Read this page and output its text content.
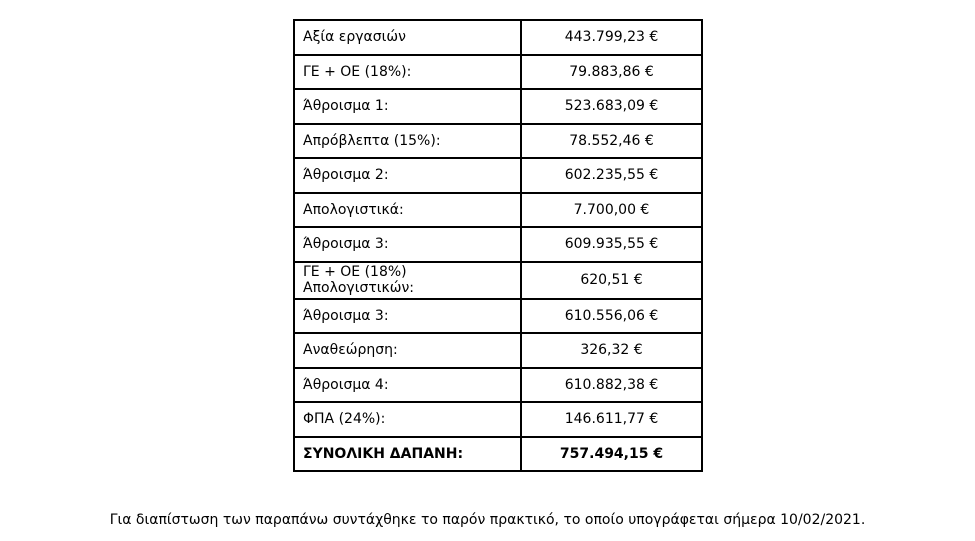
Αξία εργασιών	443.799,23 €
ΓΕ + ΟΕ (18%):	79.883,86 €
Άθροισμα 1:	523.683,09 €
Απρόβλεπτα (15%):	78.552,46 €
Άθροισμα 2:	602.235,55 €
Απολογιστικά:	7.700,00 €
Άθροισμα 3:	609.935,55 €

ΓΕ + ΟΕ (18%)
Απολογιστικών:	620,51 €
Άθροισμα 3:	610.556,06 €
Αναθεώρηση:	326,32 €
Άθροισμα 4:	610.882,38 €
ΦΠΑ (24%):	146.611,77 €
ΣΥΝΟΛΙΚΗ ΔΑΠΑΝΗ:	757.494,15 €
Για διαπίστωση των παραπάνω συντάχθηκε το παρόν πρακτικό, το οποίο υπογράφεται σήμερα 10/02/2021.
